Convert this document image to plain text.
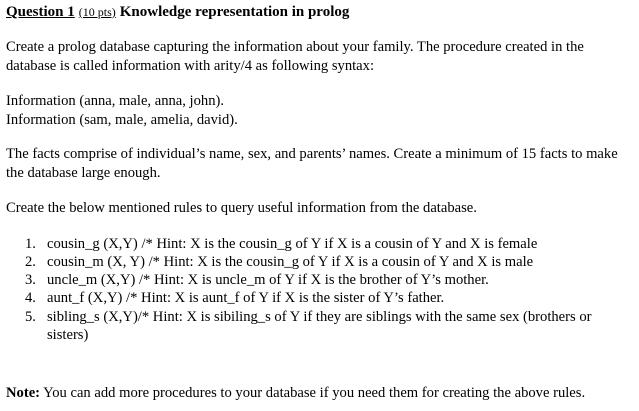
Question 1 (10 pts) Knowledge representation in prolog

Create a prolog database capturing the information about your family. The procedure created in the database is called information with arity/4 as following syntax:

Information (anna, male, anna, john).

Information (sam, male, amelia, david).

The facts comprise of individual’s name, sex, and parents’ names. Create a minimum of 15 facts to make the database large enough.

Create the below mentioned rules to query useful information from the database.

1. cousin_g (X,Y) /* Hint: X is the cousin_g of Y if X is a cousin of Y and X is female
2. cousin_m (X, Y) /* Hint: X is the cousin_g of Y if X is a cousin of Y and X is male
3. uncle_m (X,Y) /* Hint: X is uncle_m of Y if X is the brother of Y’s mother.
4. aunt_f (X,Y) /* Hint: X is aunt_f of Y if X is the sister of Y’s father.
5. sibling_s (X,Y)/* Hint: X is sibiling_s of Y if they are siblings with the same sex (brothers or sisters)
Note: You can add more procedures to your database if you need them for creating the above rules.
